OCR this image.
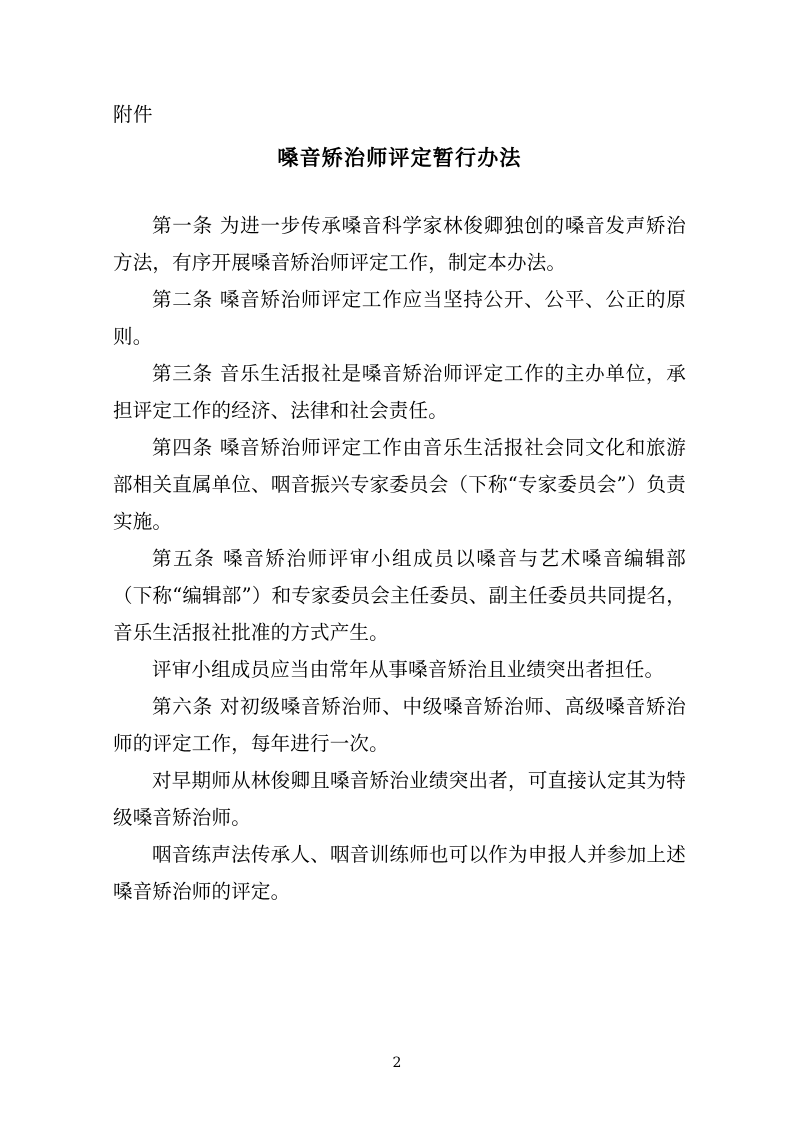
附件
嗓音矫治师评定暂行办法

第一条 为进一步传承嗓音科学家林俊卿独创的嗓音发声矫治方法，有序开展嗓音矫治师评定工作，制定本办法。

第二条 嗓音矫治师评定工作应当坚持公开、公平、公正的原则。

第三条 音乐生活报社是嗓音矫治师评定工作的主办单位，承担评定工作的经济、法律和社会责任。

第四条 嗓音矫治师评定工作由音乐生活报社会同文化和旅游部相关直属单位、咽音振兴专家委员会（下称“专家委员会”）负责实施。

第五条 嗓音矫治师评审小组成员以嗓音与艺术嗓音编辑部（下称“编辑部”）和专家委员会主任委员、副主任委员共同提名，音乐生活报社批准的方式产生。

评审小组成员应当由常年从事嗓音矫治且业绩突出者担任。

第六条 对初级嗓音矫治师、中级嗓音矫治师、高级嗓音矫治师的评定工作，每年进行一次。

对早期师从林俊卿且嗓音矫治业绩突出者，可直接认定其为特级嗓音矫治师。

咽音练声法传承人、咽音训练师也可以作为申报人并参加上述嗓音矫治师的评定。

2
